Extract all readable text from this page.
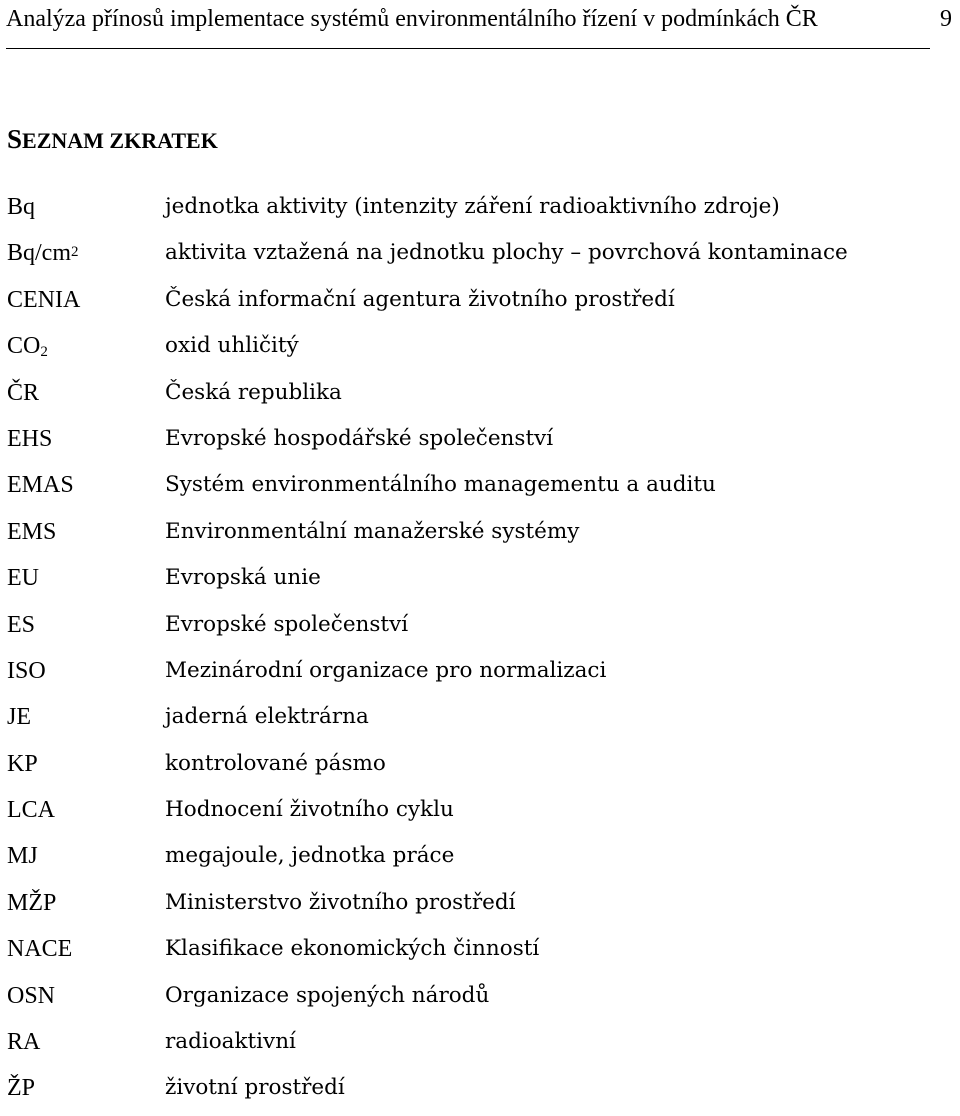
Analýza přínosů implementace systémů environmentálního řízení v podmínkách ČR	9
SEZNAM ZKRATEK
Bq	jednotka aktivity (intenzity záření radioaktivního zdroje)
$Bq/cm^2$	aktivita vztažená na jednotku plochy – povrchová kontaminace
CENIA	Česká informační agentura životního prostředí
$CO_2$	oxid uhličitý
ČR	Česká republika
EHS	Evropské hospodářské společenství
EMAS	Systém environmentálního managementu a auditu
EMS	Environmentální manažerské systémy
EU	Evropská unie
ES	Evropské společenství
ISO	Mezinárodní organizace pro normalizaci
JE	jaderná elektrárna
KP	kontrolované pásmo
LCA	Hodnocení životního cyklu
MJ	megajoule, jednotka práce
MŽP	Ministerstvo životního prostředí
NACE	Klasifikace ekonomických činností
OSN	Organizace spojených národů
RA	radioaktivní
ŽP	životní prostředí
